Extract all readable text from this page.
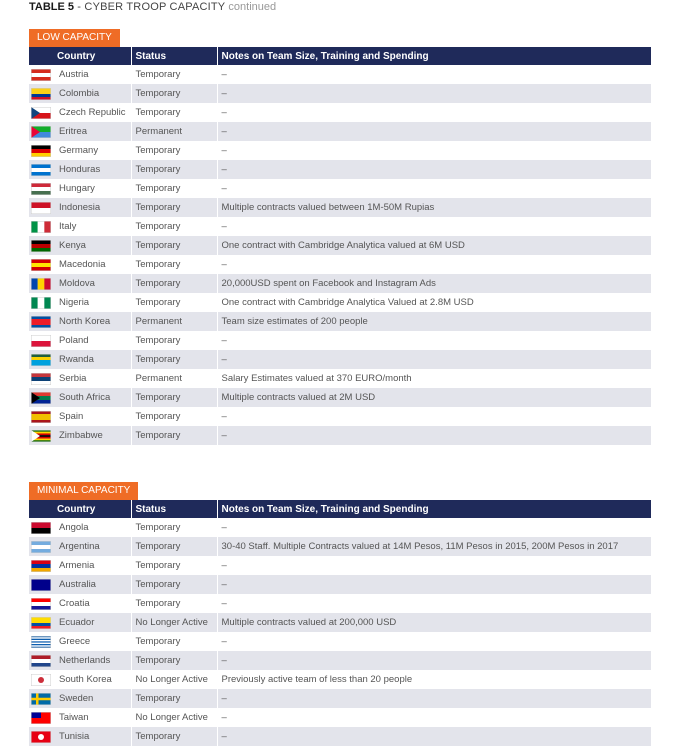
TABLE 5 - CYBER TROOP CAPACITY continued
LOW CAPACITY
	Country	Status	Notes on Team Size, Training and Spending

	Austria	Temporary	–

	Colombia	Temporary	–

	Czech Republic	Temporary	–

	Eritrea	Permanent	–

	Germany	Temporary	–

	Honduras	Temporary	–

	Hungary	Temporary	–

	Indonesia	Temporary	Multiple contracts valued between 1M-50M Rupias

	Italy	Temporary	–

	Kenya	Temporary	One contract with Cambridge Analytica valued at 6M USD

	Macedonia	Temporary	–

	Moldova	Temporary	20,000USD spent on Facebook and Instagram Ads

	Nigeria	Temporary	One contract with Cambridge Analytica Valued at 2.8M USD

	North Korea	Permanent	Team size estimates of 200 people

	Poland	Temporary	–

	Rwanda	Temporary	–

	Serbia	Permanent	Salary Estimates valued at 370 EURO/month

	South Africa	Temporary	Multiple contracts valued at 2M USD

	Spain	Temporary	–

	Zimbabwe	Temporary	–
MINIMAL CAPACITY
	Country	Status	Notes on Team Size, Training and Spending

	Angola	Temporary	–

	Argentina	Temporary	30-40 Staff. Multiple Contracts valued at 14M Pesos, 11M Pesos in 2015, 200M Pesos in 2017

	Armenia	Temporary	–

	Australia	Temporary	–

	Croatia	Temporary	–

	Ecuador	No Longer Active	Multiple contracts valued at 200,000 USD

	Greece	Temporary	–

	Netherlands	Temporary	–

	South Korea	No Longer Active	Previously active team of less than 20 people

	Sweden	Temporary	–

	Taiwan	No Longer Active	–

	Tunisia	Temporary	–
